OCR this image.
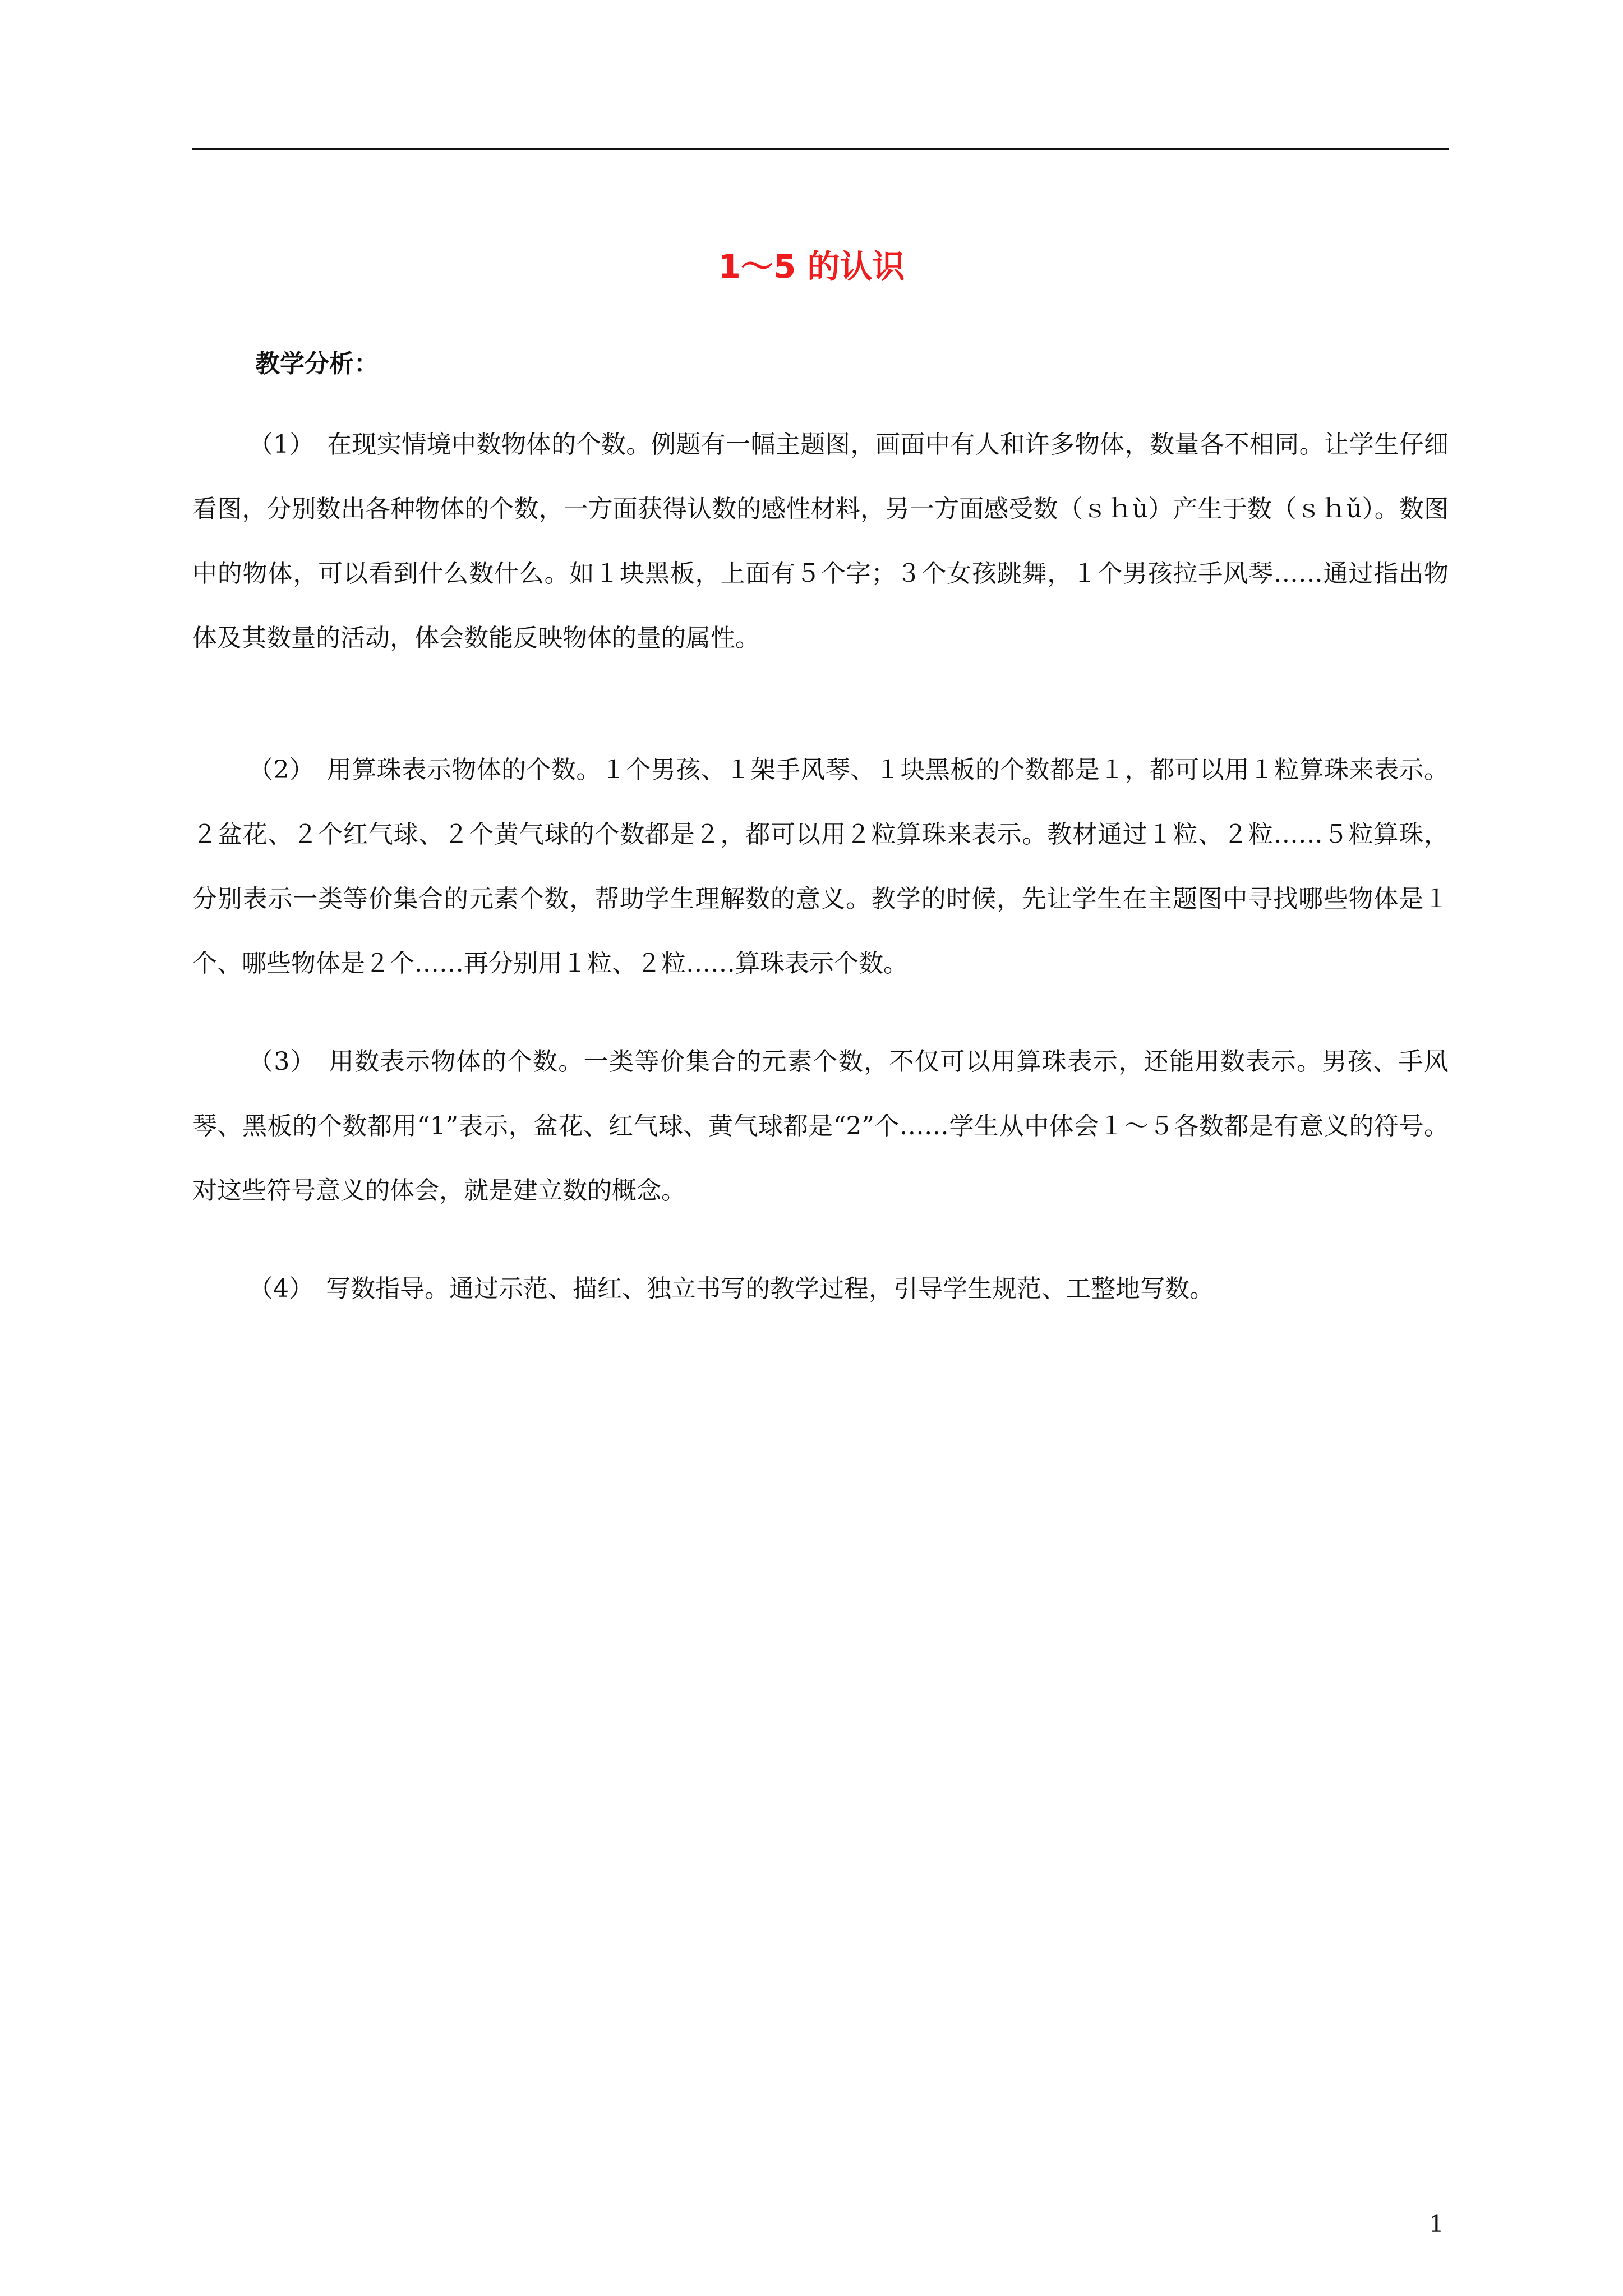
1～5 的认识

教学分析：

（1）　在现实情境中数物体的个数。例题有一幅主题图，画面中有人和许多物体，数量各不相同。让学生仔细看图，分别数出各种物体的个数，一方面获得认数的感性材料，另一方面感受数（ｓｈù）产生于数（ｓｈǔ）。数图中的物体，可以看到什么数什么。如１块黑板，上面有５个字；３个女孩跳舞，１个男孩拉手风琴……通过指出物体及其数量的活动，体会数能反映物体的量的属性。

（2）　用算珠表示物体的个数。１个男孩、１架手风琴、１块黑板的个数都是１，都可以用１粒算珠来表示。２盆花、２个红气球、２个黄气球的个数都是２，都可以用２粒算珠来表示。教材通过１粒、２粒……５粒算珠，分别表示一类等价集合的元素个数，帮助学生理解数的意义。教学的时候，先让学生在主题图中寻找哪些物体是１个、哪些物体是２个……再分别用１粒、２粒……算珠表示个数。

（3）　用数表示物体的个数。一类等价集合的元素个数，不仅可以用算珠表示，还能用数表示。男孩、手风琴、黑板的个数都用“1”表示，盆花、红气球、黄气球都是“2”个……学生从中体会１～５各数都是有意义的符号。对这些符号意义的体会，就是建立数的概念。

（4）　写数指导。通过示范、描红、独立书写的教学过程，引导学生规范、工整地写数。

1
